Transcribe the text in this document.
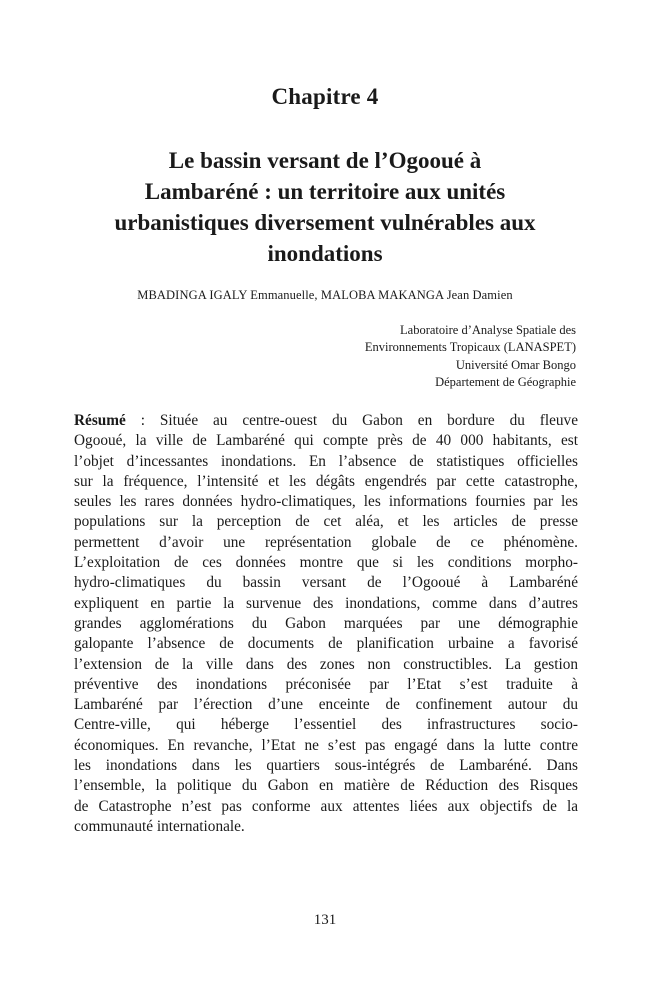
Chapitre 4
Le bassin versant de l’Ogooué à
Lambaréné : un territoire aux unités
urbanistiques diversement vulnérables aux
inondations
MBADINGA IGALY Emmanuelle, MALOBA MAKANGA Jean Damien
Laboratoire d’Analyse Spatiale des
Environnements Tropicaux (LANASPET)
Université Omar Bongo
Département de Géographie
Résumé : Située au centre-ouest du Gabon en bordure du fleuve
Ogooué, la ville de Lambaréné qui compte près de 40 000 habitants, est
l’objet d’incessantes inondations. En l’absence de statistiques officielles
sur la fréquence, l’intensité et les dégâts engendrés par cette catastrophe,
seules les rares données hydro-climatiques, les informations fournies par les
populations sur la perception de cet aléa, et les articles de presse
permettent d’avoir une représentation globale de ce phénomène.
L’exploitation de ces données montre que si les conditions morpho-
hydro-climatiques du bassin versant de l’Ogooué à Lambaréné
expliquent en partie la survenue des inondations, comme dans d’autres
grandes agglomérations du Gabon marquées par une démographie
galopante l’absence de documents de planification urbaine a favorisé
l’extension de la ville dans des zones non constructibles. La gestion
préventive des inondations préconisée par l’Etat s’est traduite à
Lambaréné par l’érection d’une enceinte de confinement autour du
Centre-ville, qui héberge l’essentiel des infrastructures socio-
économiques. En revanche, l’Etat ne s’est pas engagé dans la lutte contre
les inondations dans les quartiers sous-intégrés de Lambaréné. Dans
l’ensemble, la politique du Gabon en matière de Réduction des Risques
de Catastrophe n’est pas conforme aux attentes liées aux objectifs de la
communauté internationale.
131
